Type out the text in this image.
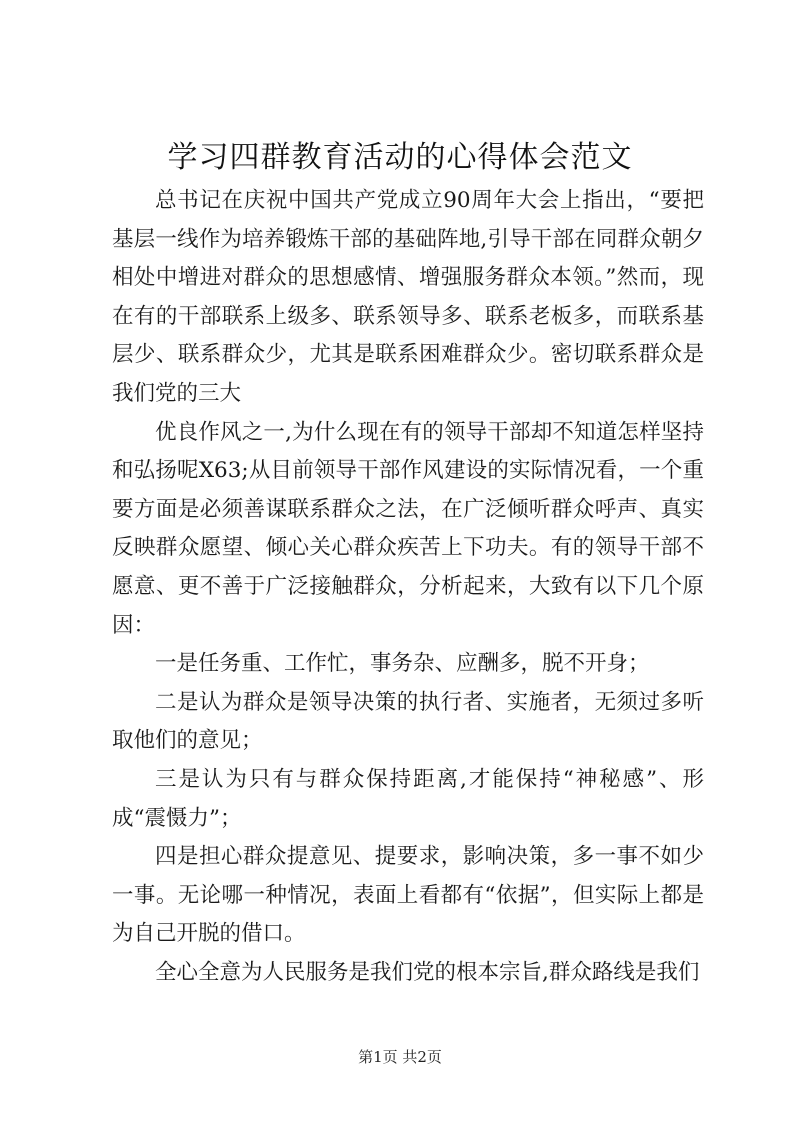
学习四群教育活动的心得体会范文

总书记在庆祝中国共产党成立90周年大会上指出，“要把基层一线作为培养锻炼干部的基础阵地,引导干部在同群众朝夕相处中增进对群众的思想感情、增强服务群众本领。”然而，现在有的干部联系上级多、联系领导多、联系老板多，而联系基层少、联系群众少，尤其是联系困难群众少。密切联系群众是我们党的三大

优良作风之一,为什么现在有的领导干部却不知道怎样坚持和弘扬呢X63;从目前领导干部作风建设的实际情况看，一个重要方面是必须善谋联系群众之法，在广泛倾听群众呼声、真实反映群众愿望、倾心关心群众疾苦上下功夫。有的领导干部不愿意、更不善于广泛接触群众，分析起来，大致有以下几个原因：

一是任务重、工作忙，事务杂、应酬多，脱不开身；

二是认为群众是领导决策的执行者、实施者，无须过多听取他们的意见；

三是认为只有与群众保持距离,才能保持“神秘感”、形成“震慑力”；

四是担心群众提意见、提要求，影响决策，多一事不如少一事。无论哪一种情况，表面上看都有“依据”，但实际上都是为自己开脱的借口。

全心全意为人民服务是我们党的根本宗旨,群众路线是我们

第1页 共2页
